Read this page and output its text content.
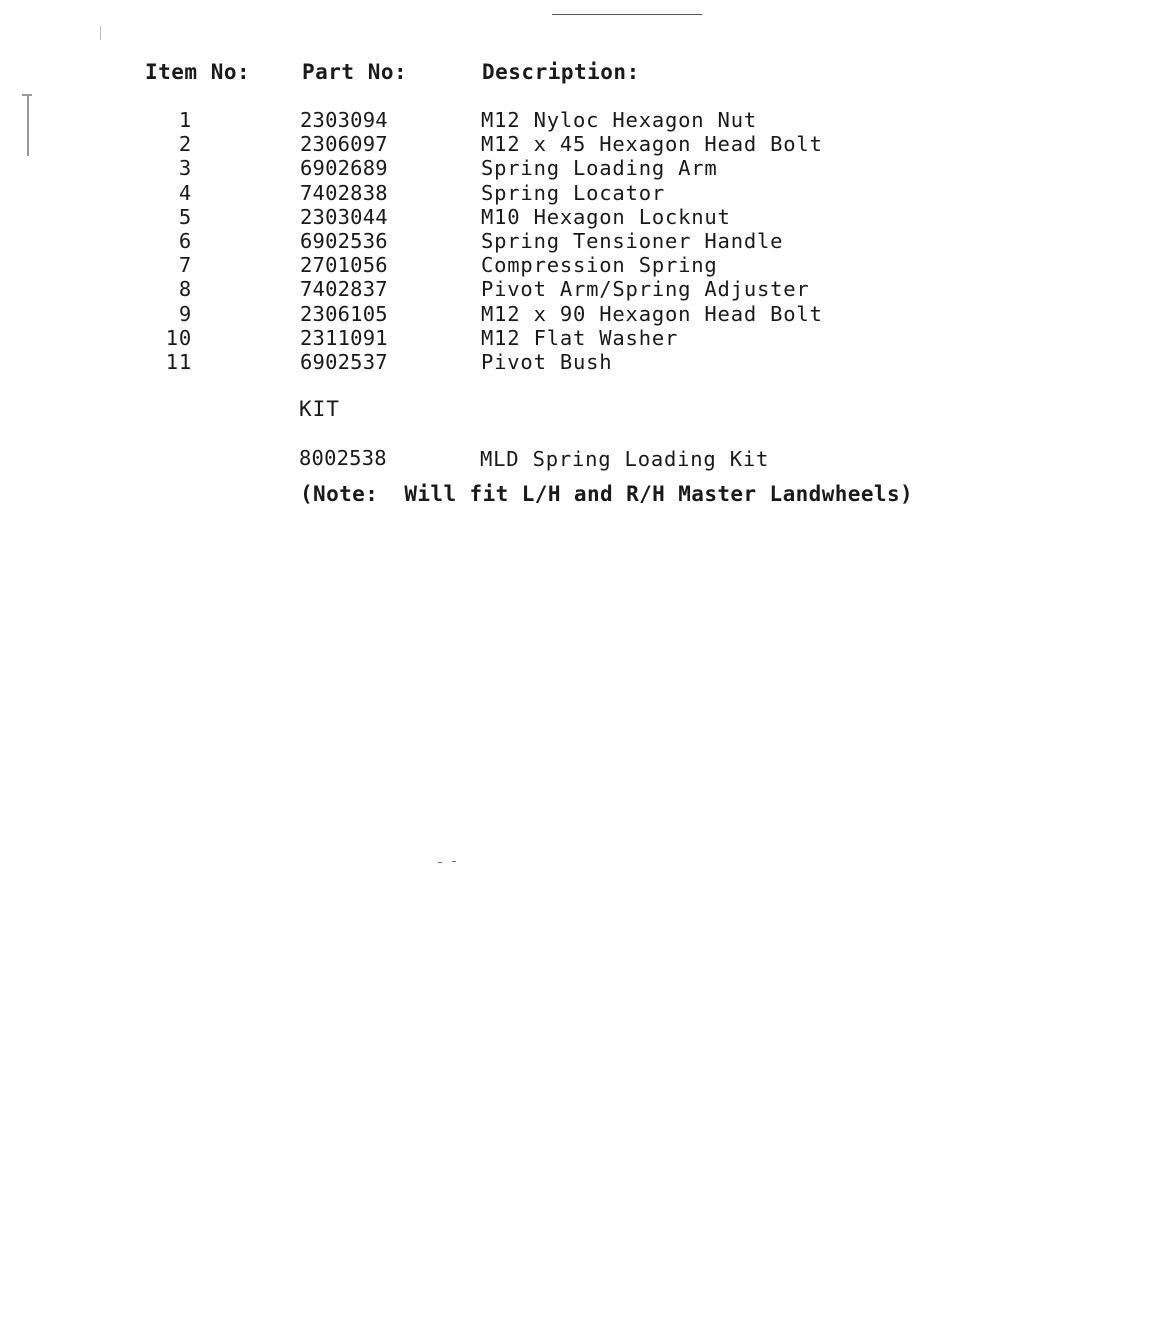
Item No: Part No:	Description:
1	2303094	M12 Nyloc Hexagon Nut
2	2306097	M12 x 45 Hexagon Head Bolt
3	6902689	Spring Loading Arm
4	7402838	Spring Locator
5	2303044	M10 Hexagon Locknut
6	6902536	Spring Tensioner Handle
7	2701056	Compression Spring
8	7402837	Pivot Arm/Spring Adjuster
9	2306105	M12 x 90 Hexagon Head Bolt
10	2311091	M12 Flat Washer
11	6902537	Pivot Bush
KIT
8002538	MLD Spring Loading Kit
(Note:  Will fit L/H and R/H Master Landwheels)
